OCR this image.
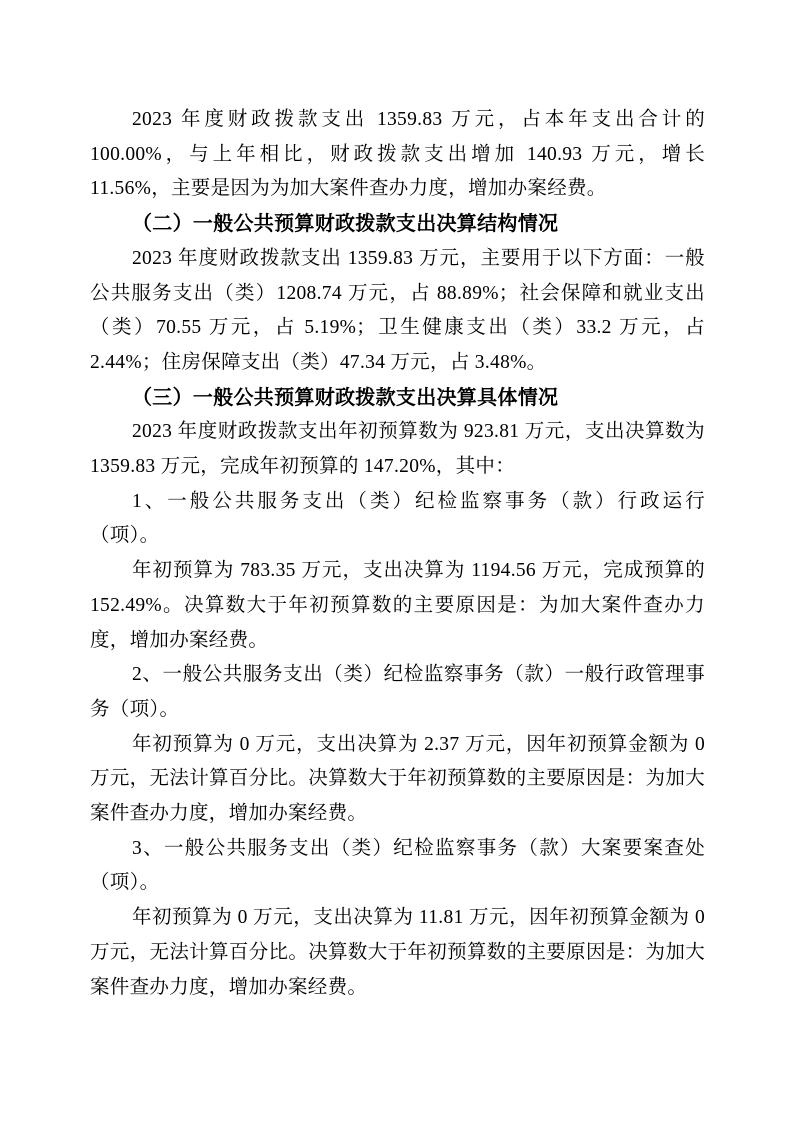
2023 年度财政拨款支出 1359.83 万元，占本年支出合计的 100.00%，与上年相比，财政拨款支出增加 140.93 万元，增长 11.56%，主要是因为为加大案件查办力度，增加办案经费。

（二）一般公共预算财政拨款支出决算结构情况

2023 年度财政拨款支出 1359.83 万元，主要用于以下方面：一般公共服务支出（类）1208.74 万元，占 88.89%；社会保障和就业支出（类）70.55 万元，占 5.19%；卫生健康支出（类）33.2 万元，占 2.44%；住房保障支出（类）47.34 万元，占 3.48%。

（三）一般公共预算财政拨款支出决算具体情况

2023 年度财政拨款支出年初预算数为 923.81 万元，支出决算数为 1359.83 万元，完成年初预算的 147.20%，其中：

1、一般公共服务支出（类）纪检监察事务（款）行政运行（项）。

年初预算为 783.35 万元，支出决算为 1194.56 万元，完成预算的 152.49%。决算数大于年初预算数的主要原因是：为加大案件查办力度，增加办案经费。

2、一般公共服务支出（类）纪检监察事务（款）一般行政管理事务（项）。

年初预算为 0 万元，支出决算为 2.37 万元，因年初预算金额为 0 万元，无法计算百分比。决算数大于年初预算数的主要原因是：为加大案件查办力度，增加办案经费。

3、一般公共服务支出（类）纪检监察事务（款）大案要案查处（项）。

年初预算为 0 万元，支出决算为 11.81 万元，因年初预算金额为 0 万元，无法计算百分比。决算数大于年初预算数的主要原因是：为加大案件查办力度，增加办案经费。
